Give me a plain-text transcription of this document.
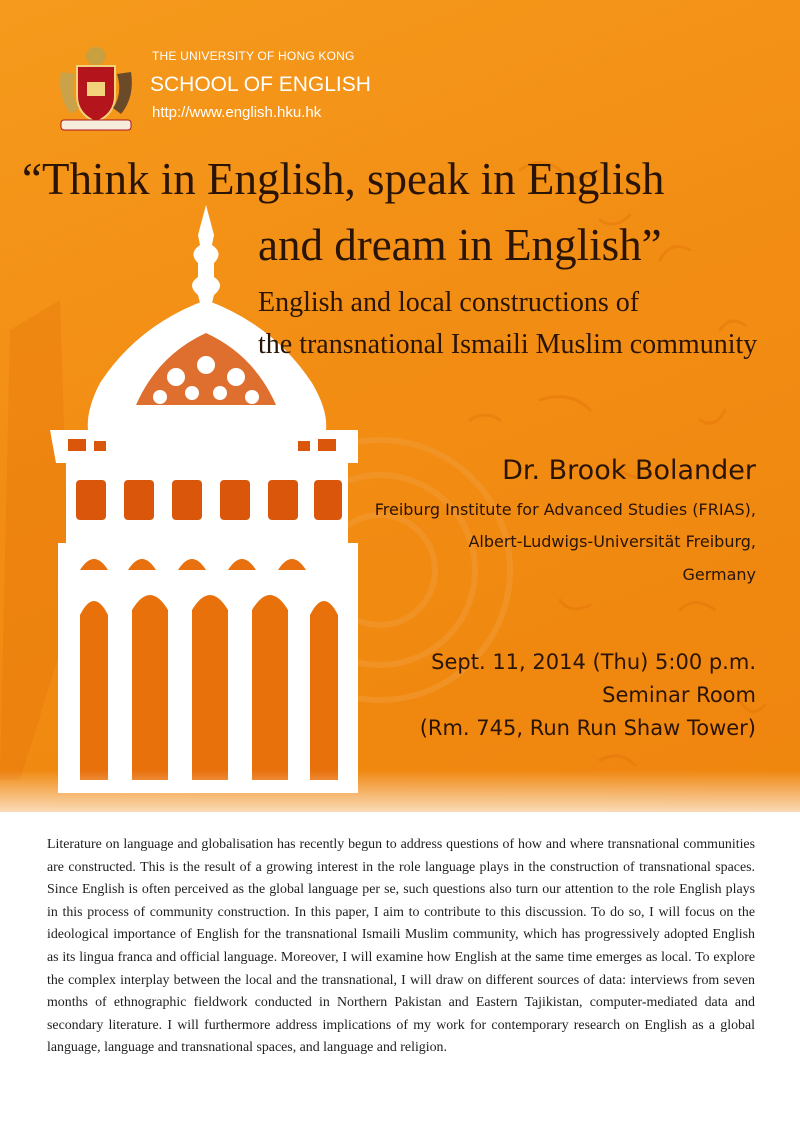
THE UNIVERSITY OF HONG KONG
SCHOOL OF ENGLISH
http://www.english.hku.hk
“Think in English, speak in English
and dream in English”
English and local constructions of
the transnational Ismaili Muslim community
Dr. Brook Bolander
Freiburg Institute for Advanced Studies (FRIAS),
Albert-Ludwigs-Universität Freiburg,
Germany
Sept. 11, 2014 (Thu) 5:00 p.m.
Seminar Room
(Rm. 745, Run Run Shaw Tower)

Literature on language and globalisation has recently begun to address questions of how and where transnational communities are constructed. This is the result of a growing interest in the role language plays in the construction of transnational spaces. Since English is often perceived as the global language per se, such questions also turn our attention to the role English plays in this process of community construction. In this paper, I aim to contribute to this discussion. To do so, I will focus on the ideological importance of English for the transnational Ismaili Muslim community, which has progressively adopted English as its lingua franca and official language. Moreover, I will examine how English at the same time emerges as local. To explore the complex interplay between the local and the transnational, I will draw on different sources of data: interviews from seven months of ethnographic fieldwork conducted in Northern Pakistan and Eastern Tajikistan, computer-mediated data and secondary literature. I will furthermore address implications of my work for contemporary research on English as a global language, language and transnational spaces, and language and religion.
